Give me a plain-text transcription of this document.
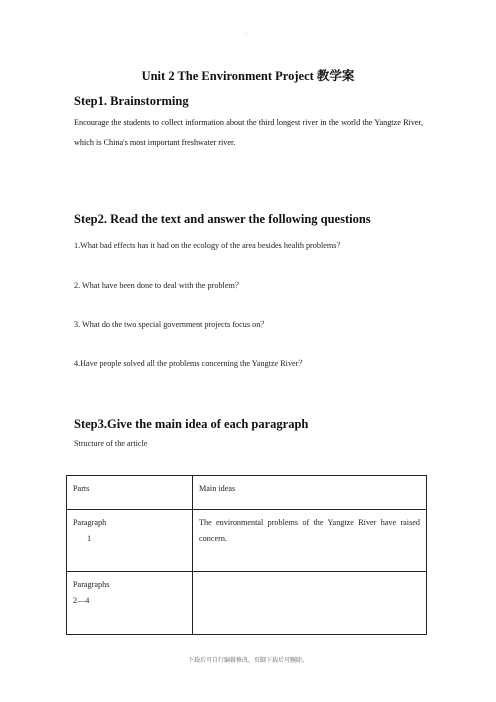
.
Unit 2 The Environment Project 教学案
Step1. Brainstorming
Encourage the students to collect information about the third longest river in the world the Yangtze River, which is China's most important freshwater river.
Step2. Read the text and answer the following questions
1.What bad effects has it had on the ecology of the area besides health problems？
2. What have been done to deal with the problem？
3. What do the two special government projects focus on？
4.Have people solved all the problems concerning the Yangtze River？
Step3.Give the main idea of each paragraph
Structure of the article
Parts	Main ideas
Paragraph
1	The environmental problems of the Yangtze River have raised concern.
Paragraphs
2—4	
下载后可自行编辑修改，页脚下载后可删除。
